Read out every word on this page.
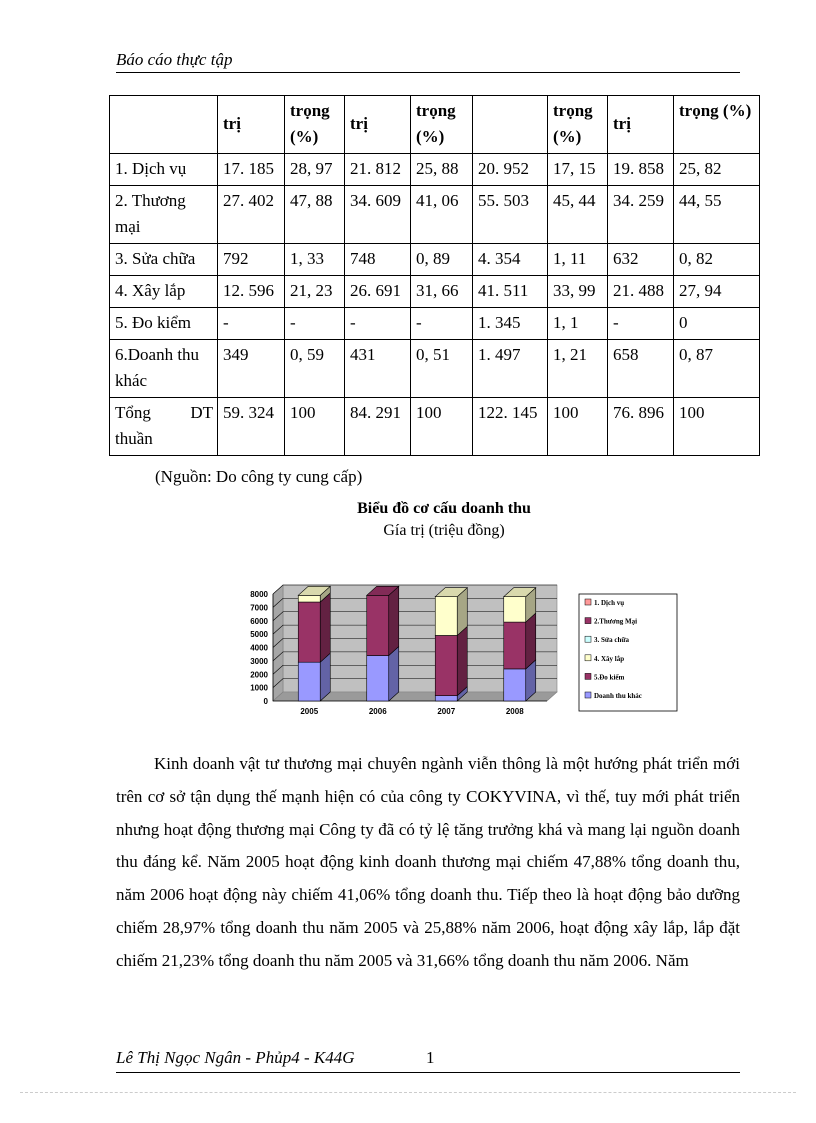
Báo cáo thực tập
	trị	trọng (%)	trị	trọng (%)		trọng (%)	trị	trọng (%)
1. Dịch vụ	17. 185	28, 97	21. 812	25, 88	20. 952	17, 15	19. 858	25, 82
2. Thương mại	27. 402	47, 88	34. 609	41, 06	55. 503	45, 44	34. 259	44, 55
3. Sửa chữa	792	1, 33	748	0, 89	4. 354	1, 11	632	0, 82
4. Xây lắp	12. 596	21, 23	26. 691	31, 66	41. 511	33, 99	21. 488	27, 94
5. Đo kiểm	-	-	-	-	1. 345	1, 1	-	0
6.Doanh thu khác	349	0, 59	431	0, 51	1. 497	1, 21	658	0, 87
Tổng DT thuần	59. 324	100	84. 291	100	122. 145	100	76. 896	100
(Nguồn: Do công ty cung cấp)
Biểu đồ cơ cấu doanh thu
Gía trị (triệu đồng)
0
1000
2000
3000
4000
5000
6000
7000
8000
2005	2006	2007	2008
1. Dịch vụ
2.Thương Mại
3. Sửa chữa
4. Xây lắp
5.Đo kiểm
Doanh thu khác

Kinh doanh vật tư thương mại chuyên ngành viễn thông là một hướng phát triển mới trên cơ sở tận dụng thế mạnh hiện có của công ty COKYVINA, vì thế, tuy mới phát triển nhưng hoạt động thương mại Công ty đã có tỷ lệ tăng trưởng khá và mang lại nguồn doanh thu đáng kể. Năm 2005 hoạt động kinh doanh thương mại chiếm 47,88% tổng doanh thu, năm 2006 hoạt động này chiếm 41,06% tổng doanh thu. Tiếp theo là hoạt động bảo dưỡng chiếm 28,97% tổng doanh thu năm 2005 và 25,88% năm 2006, hoạt động xây lắp, lắp đặt chiếm 21,23% tổng doanh thu năm 2005 và 31,66% tổng doanh thu năm 2006. Năm

Lê Thị Ngọc Ngân - Phủp4 - K44G	1
